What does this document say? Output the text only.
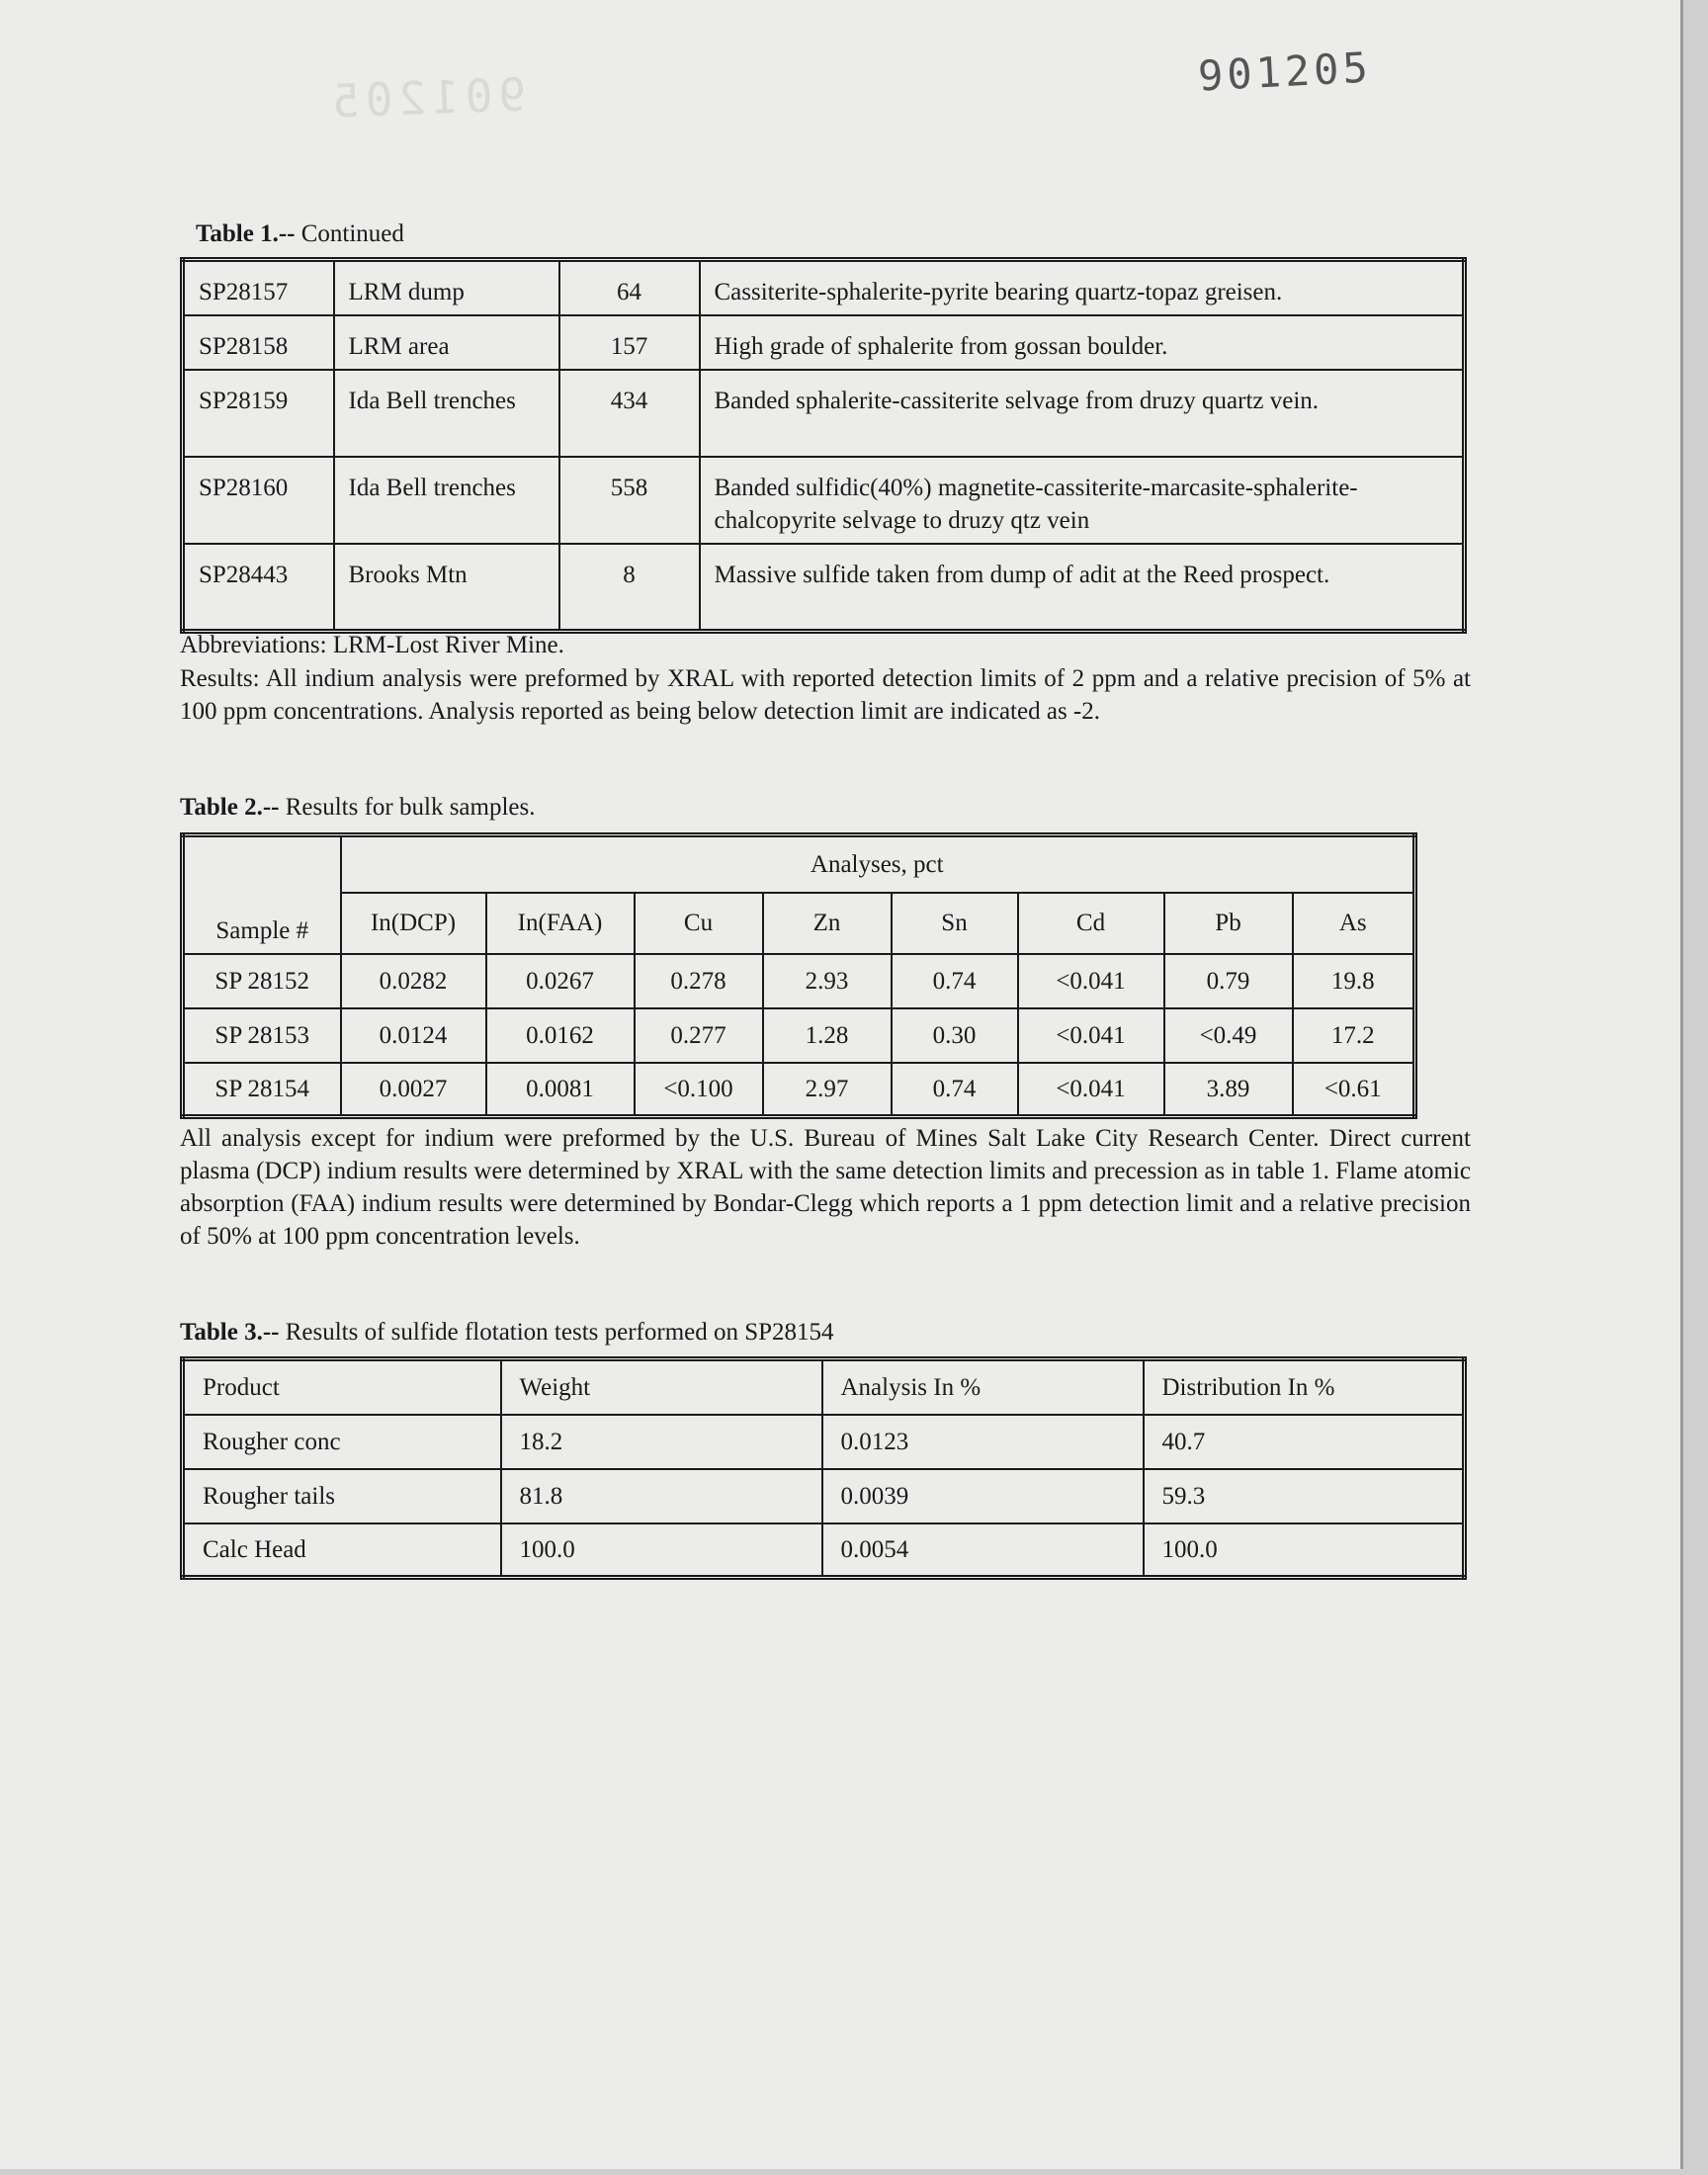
901205	901205
Table 1.-- Continued
SP28157	LRM dump	64	Cassiterite-sphalerite-pyrite bearing quartz-topaz greisen.
SP28158	LRM area	157	High grade of sphalerite from gossan boulder.
SP28159	Ida Bell trenches	434	Banded sphalerite-cassiterite selvage from druzy quartz vein.
SP28160	Ida Bell trenches	558	Banded sulfidic(40%) magnetite-cassiterite-marcasite-sphalerite-chalcopyrite selvage to druzy qtz vein
SP28443	Brooks Mtn	8	Massive sulfide taken from dump of adit at the Reed prospect.

Abbreviations: LRM-Lost River Mine.

Results: All indium analysis were preformed by XRAL with reported detection limits of 2 ppm and a relative precision of 5% at 100 ppm concentrations. Analysis reported as being below detection limit are indicated as -2.

Table 2.-- Results for bulk samples.
Sample #	Analyses, pct							
	In(DCP)	In(FAA)	Cu	Zn	Sn	Cd	Pb	As
SP 28152	0.0282	0.0267	0.278	2.93	0.74	<0.041	0.79	19.8
SP 28153	0.0124	0.0162	0.277	1.28	0.30	<0.041	<0.49	17.2
SP 28154	0.0027	0.0081	<0.100	2.97	0.74	<0.041	3.89	<0.61

All analysis except for indium were preformed by the U.S. Bureau of Mines Salt Lake City Research Center. Direct current plasma (DCP) indium results were determined by XRAL with the same detection limits and precession as in table 1. Flame atomic absorption (FAA) indium results were determined by Bondar-Clegg which reports a 1 ppm detection limit and a relative precision of 50% at 100 ppm concentration levels.

Table 3.-- Results of sulfide flotation tests performed on SP28154
Product	Weight	Analysis In %	Distribution In %
Rougher conc	18.2	0.0123	40.7
Rougher tails	81.8	0.0039	59.3
Calc Head	100.0	0.0054	100.0
